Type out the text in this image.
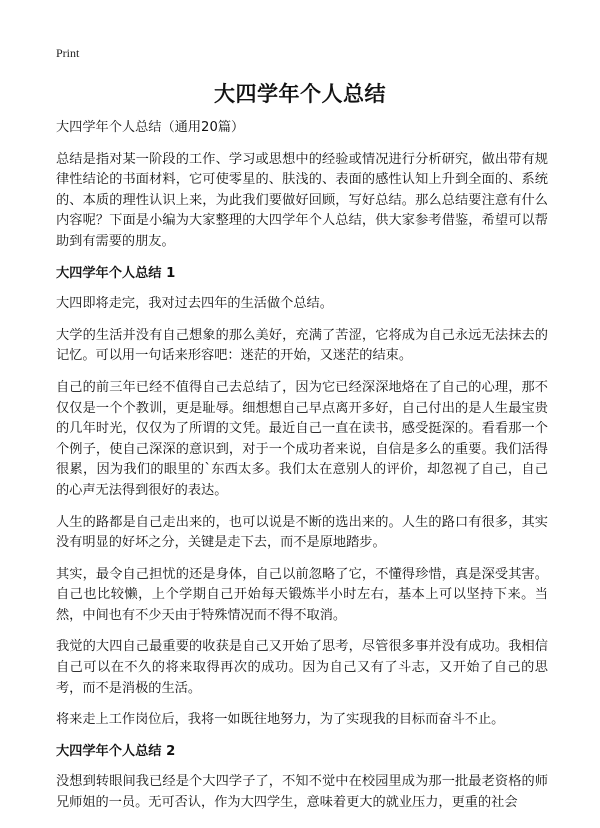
Print
大四学年个人总结

大四学年个人总结（通用20篇）

总结是指对某一阶段的工作、学习或思想中的经验或情况进行分析研究，做出带有规律性结论的书面材料，它可使零星的、肤浅的、表面的感性认知上升到全面的、系统的、本质的理性认识上来，为此我们要做好回顾，写好总结。那么总结要注意有什么内容呢？下面是小编为大家整理的大四学年个人总结，供大家参考借鉴，希望可以帮助到有需要的朋友。

大四学年个人总结 1

大四即将走完，我对过去四年的生活做个总结。

大学的生活并没有自己想象的那么美好，充满了苦涩，它将成为自己永远无法抹去的记忆。可以用一句话来形容吧：迷茫的开始，又迷茫的结束。

自己的前三年已经不值得自己去总结了，因为它已经深深地烙在了自己的心理，那不仅仅是一个个教训，更是耻辱。细想想自己早点离开多好，自己付出的是人生最宝贵的几年时光，仅仅为了所谓的文凭。最近自己一直在读书，感受挺深的。看看那一个个例子，使自己深深的意识到，对于一个成功者来说，自信是多么的重要。我们活得很累，因为我们的眼里的`东西太多。我们太在意别人的评价，却忽视了自己，自己的心声无法得到很好的表达。

人生的路都是自己走出来的，也可以说是不断的选出来的。人生的路口有很多，其实没有明显的好坏之分，关键是走下去，而不是原地踏步。

其实，最令自己担忧的还是身体，自己以前忽略了它，不懂得珍惜，真是深受其害。自己也比较懒，上个学期自己开始每天锻炼半小时左右，基本上可以坚持下来。当然，中间也有不少天由于特殊情况而不得不取消。

我觉的大四自己最重要的收获是自己又开始了思考，尽管很多事并没有成功。我相信自己可以在不久的将来取得再次的成功。因为自己又有了斗志，又开始了自己的思考，而不是消极的生活。

将来走上工作岗位后，我将一如既往地努力，为了实现我的目标而奋斗不止。

大四学年个人总结 2

没想到转眼间我已经是个大四学子了，不知不觉中在校园里成为那一批最老资格的师兄师姐的一员。无可否认，作为大四学生，意味着更大的就业压力，更重的社会
